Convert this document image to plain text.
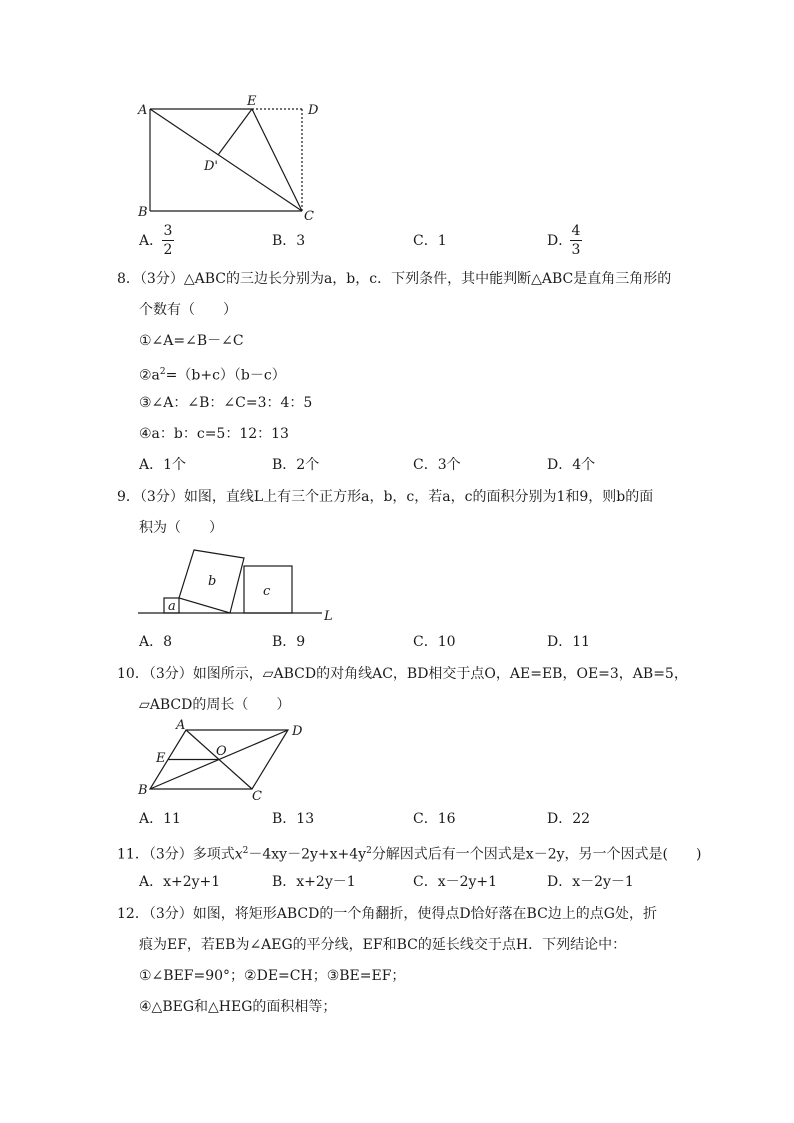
A
E
D
D'
B	C
A．
3
2
B．3	C．1	D．
4
3
8．（3分）△ABC的三边长分别为a，b，c．下列条件，其中能判断△ABC是直角三角形的
个数有（　　）
①∠A=∠B－∠C
$②a^2=(b+c)(b-c)$
③∠A：∠B：∠C=3：4：5
④a：b：c=5：12：13
A．1个	B．2个	C．3个	D．4个
9．（3分）如图，直线L上有三个正方形a，b，c，若a，c的面积分别为1和9，则b的面
积为（　　）
a
b
c
L
A．8	B．9	C．10	D．11
10．（3分）如图所示，▱ABCD的对角线AC，BD相交于点O，AE=EB，OE=3，AB=5，
▱ABCD的周长（　　）
A	D
E	O
B	C
A．11	B．13	C．16	D．22
11．（3分）多项式$x^2-4xy-2y+x+4y^2$分解因式后有一个因式是x－2y，另一个因式是(　　)
A．x+2y+1	B．x+2y－1	C．x－2y+1	D．x－2y－1
12．（3分）如图，将矩形ABCD的一个角翻折，使得点D恰好落在BC边上的点G处，折
痕为EF，若EB为∠AEG的平分线，EF和BC的延长线交于点H．下列结论中：
①∠BEF=90°；②DE=CH；③BE=EF；
④△BEG和△HEG的面积相等；
